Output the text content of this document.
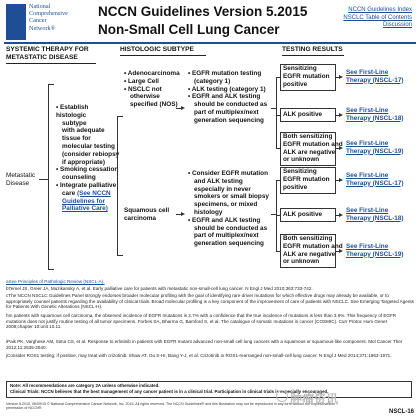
National
Comprehensive
Cancer
Network®
NCCN Guidelines Version 5.2015
Non-Small Cell Lung Cancer
NCCN Guidelines Index
NSCLC Table of Contents
Discussion
SYSTEMIC THERAPY FOR METASTATIC DISEASE
HISTOLOGIC SUBTYPE	TESTING RESULTS
Metastatic
Disease
• Establish histologic
subtype
with adequate tissue for
molecular testing
(consider rebiopsy
if appropriate)
• Smoking cessation
counseling
• Integrate palliative
care (See NCCN
Guidelines for
Palliative Care)
• Adenocarcinoma
• Large Cell
• NSCLC not
otherwise
specified (NOS)
• EGFR mutation testing
(category 1)
• ALK testing (category 1)
• EGFR and ALK testing
should be conducted as
part of multiplex/next
generation sequencing
Sensitizing
EGFR mutation
positive
ALK positive
Both sensitizing
EGFR mutation and
ALK are negative
or unknown
See First-Line
Therapy (NSCL-17)
See First-Line
Therapy (NSCL-18)
See First-Line
Therapy (NSCL-19)
Squamous cell
carcinoma
• Consider EGFR mutation
and ALK testing
especially in never
smokers or small biopsy
specimens, or mixed
histology
• EGFR and ALK testing
should be conducted as
part of multiplex/next
generation sequencing
Sensitizing
EGFR mutation
positive
ALK positive
Both sensitizing
EGFR mutation and
ALK are negative
or unknown
See First-Line
Therapy (NSCL-17)
See First-Line
Therapy (NSCL-18)
See First-Line
Therapy (NSCL-19)
aSee Principles of Pathologic Review (NSCL-A).
bTemel JS, Greer JA, Muzikansky A, et al. Early palliative care for patients with metastatic non-small-cell lung cancer. N Engl J Med 2010;363:733-742.
cThe NCCN NSCLC Guidelines Panel strongly endorses broader molecular profiling with the goal of identifying rare driver mutations for which effective drugs may already be available, or to appropriately counsel patients regarding the availability of clinical trials. Broad molecular profiling is a key component of the improvement of care of patients with NSCLC. See Emerging Targeted Agents for Patients With Genetic Alterations (NSCL-H).
hIn patients with squamous cell carcinoma, the observed incidence of EGFR mutations is 2.7% with a confidence that the true incidence of mutations is less than 3.6%. This frequency of EGFR mutations does not justify routine testing of all tumor specimens. Forbes SA, Bharma G, Bamford S, et al. The catalogue of somatic mutations in cancer (COSMIC). Curr Protoc Hum Genet 2008;chapter 10:unit 10.11.
iPaik PK, Varghese AM, Sima CS, et al. Response to erlotinib in patients with EGFR mutant advanced non-small cell lung cancers with a squamous or squamous-like component. Mol Cancer Ther 2012;11:2535-2540.
jConsider ROS1 testing; if positive, may treat with crizotinib. Shaw AT, Ou S-HI, Bang Y-J, et al. Crizotinib in ROS1-rearranged non-small-cell lung cancer. N Engl J Med 2014;371:1963-1971.
Note: All recommendations are category 2A unless otherwise indicated.
Clinical Trials: NCCN believes that the best management of any cancer patient is in a clinical trial. Participation in clinical trials is especially encouraged.
Version 5.2015, 06/09/15 © National Comprehensive Cancer Network, Inc. 2015, All rights reserved. The NCCN Guidelines® and this illustration may not be reproduced in any form without the express written permission of NCCN®.
NSCL-16
肿瘤资讯
